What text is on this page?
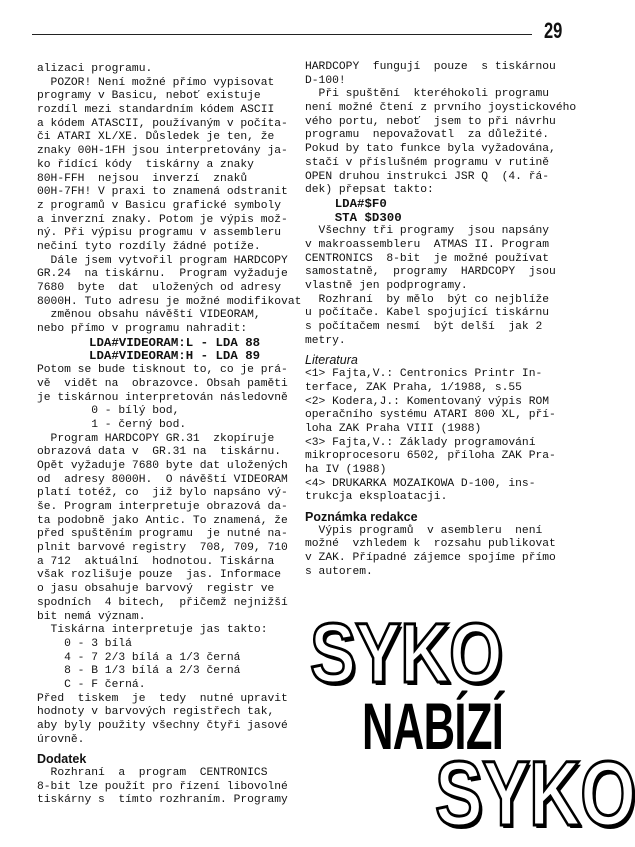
29
alizaci programu.
POZOR! Není možné přímo vypisovat
programy v Basicu, neboť existuje
rozdíl mezi standardním kódem ASCII
a kódem ATASCII, používaným v počíta-
či ATARI XL/XE. Důsledek je ten, že
znaky 00H-1FH jsou interpretovány ja-
ko řídící kódy  tiskárny a znaky
80H-FFH  nejsou  inverzí  znaků
00H-7FH! V praxi to znamená odstranit
z programů v Basicu grafické symboly
a inverzní znaky. Potom je výpis mož-
ný. Při výpisu programu v assembleru
nečiní tyto rozdíly žádné potíže.
Dále jsem vytvořil program HARDCOPY
GR.24  na tiskárnu.  Program vyžaduje
7680  byte  dat  uložených od adresy
8000H. Tuto adresu je možné modifikovat
změnou obsahu návěští VIDEORAM,
nebo přímo v programu nahradit:
LDA#VIDEORAM:L - LDA 88
LDA#VIDEORAM:H - LDA 89
Potom se bude tisknout to, co je prá-
vě  vidět na  obrazovce. Obsah paměti
je tiskárnou interpretován následovně
0 - bílý bod,
1 - černý bod.
Program HARDCOPY GR.31  zkopíruje
obrazová data v  GR.31 na  tiskárnu.
Opět vyžaduje 7680 byte dat uložených
od  adresy 8000H.  O návěští VIDEORAM
platí totéž, co  již bylo napsáno vý-
še. Program interpretuje obrazová da-
ta podobně jako Antic. To znamená, že
před spuštěním programu  je nutné na-
plnit barvové registry  708, 709, 710
a 712  aktuální  hodnotou. Tiskárna
však rozlišuje pouze  jas. Informace
o jasu obsahuje barvový  registr ve
spodních  4 bitech,  přičemž nejnižší
bit nemá význam.
Tiskárna interpretuje jas takto:
0 - 3 bílá
4 - 7 2/3 bílá a 1/3 černá
8 - B 1/3 bílá a 2/3 černá
C - F černá.
Před  tiskem  je  tedy  nutné upravit
hodnoty v barvových registřech tak,
aby byly použity všechny čtyři jasové
úrovně.
Dodatek
Rozhraní  a  program  CENTRONICS
8-bit lze použít pro řízení libovolné
tiskárny s  tímto rozhraním. Programy
HARDCOPY  fungují  pouze  s tiskárnou
D-100!
Při spuštění  kteréhokoli programu
není možné čtení z prvního joystickového
vého portu, neboť  jsem to při návrhu
programu  nepovažovatl  za důležité.
Pokud by tato funkce byla vyžadována,
stačí v příslušném programu v rutině
OPEN druhou instrukci JSR Q  (4. řá-
dek) přepsat takto:
LDA#$F0
STA $D300
Všechny tři programy  jsou napsány
v makroassembleru  ATMAS II. Program
CENTRONICS  8-bit  je možné používat
samostatně,  programy  HARDCOPY  jsou
vlastně jen podprogramy.
Rozhraní  by mělo  být co nejblíže
u počítače. Kabel spojující tiskárnu
s počítačem nesmí  být delší  jak 2
metry.
Literatura
<1> Fajta,V.: Centronics Printr In-
terface, ZAK Praha, 1/1988, s.55
<2> Kodera,J.: Komentovaný výpis ROM
operačního systému ATARI 800 XL, pří-
loha ZAK Praha VIII (1988)
<3> Fajta,V.: Základy programování
mikroprocesoru 6502, příloha ZAK Pra-
ha IV (1988)
<4> DRUKARKA MOZAIKOWA D-100, ins-
trukcja eksploatacji.
Poznámka redakce
Výpis programů  v asembleru  není
možné  vzhledem k  rozsahu publikovat
v ZAK. Případné zájemce spojíme přímo
s autorem.
SYKO
NABÍZÍ
SYKO
